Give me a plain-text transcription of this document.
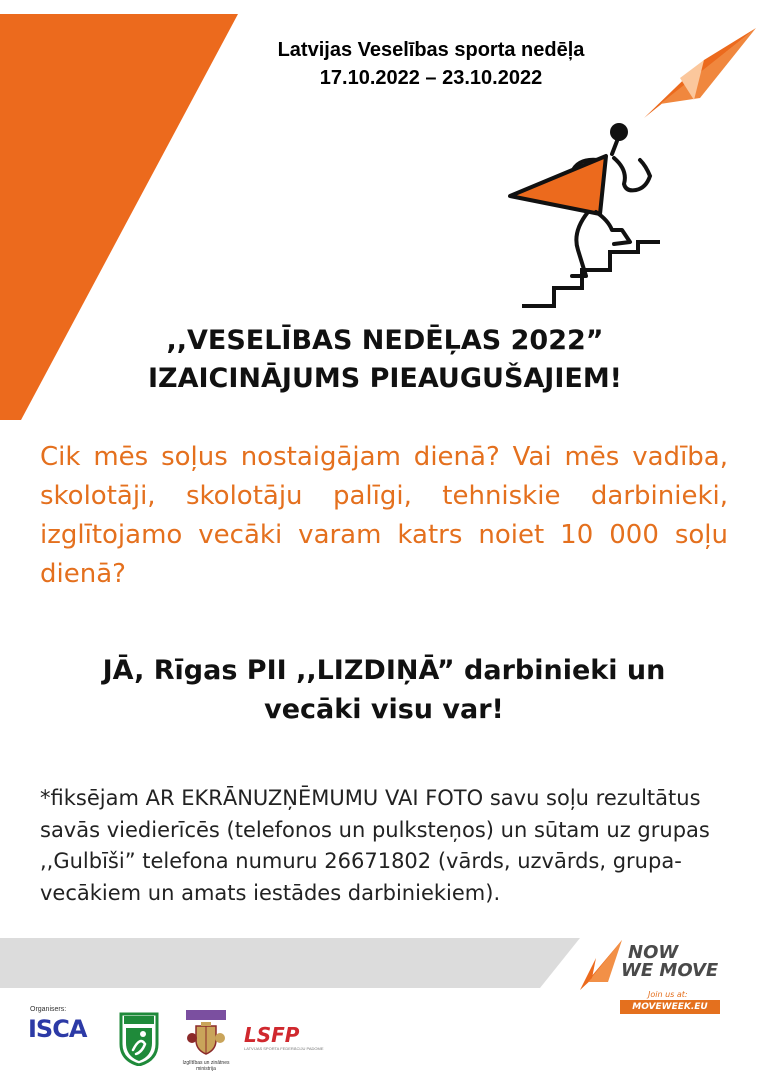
Latvijas Veselības sporta nedēļa
17.10.2022 – 23.10.2022
,,VESELĪBAS NEDĒĻAS 2022”
IZAICINĀJUMS PIEAUGUŠAJIEM!
Cik mēs soļus nostaigājam dienā? Vai mēs vadība, skolotāji, skolotāju palīgi, tehniskie darbinieki, izglītojamo vecāki varam katrs noiet 10 000 soļu dienā?
JĀ, Rīgas PII ,,LIZDIŅĀ” darbinieki un
vecāki visu var!
*fiksējam AR EKRĀNUZŅĒMUMU VAI FOTO savu soļu rezultātus savās viedierīcēs (telefonos un pulksteņos) un sūtam uz grupas ,,Gulbīši” telefona numuru 26671802 (vārds, uzvārds, grupa-vecākiem un amats iestādes darbiniekiem).
NOW
WE MOVE
Join us at:
MOVEWEEK.EU
Organisers:
ISCA
Izglītības un zinātnes ministrija
LSFP
LATVIJAS SPORTA FEDERĀCIJU PADOME
